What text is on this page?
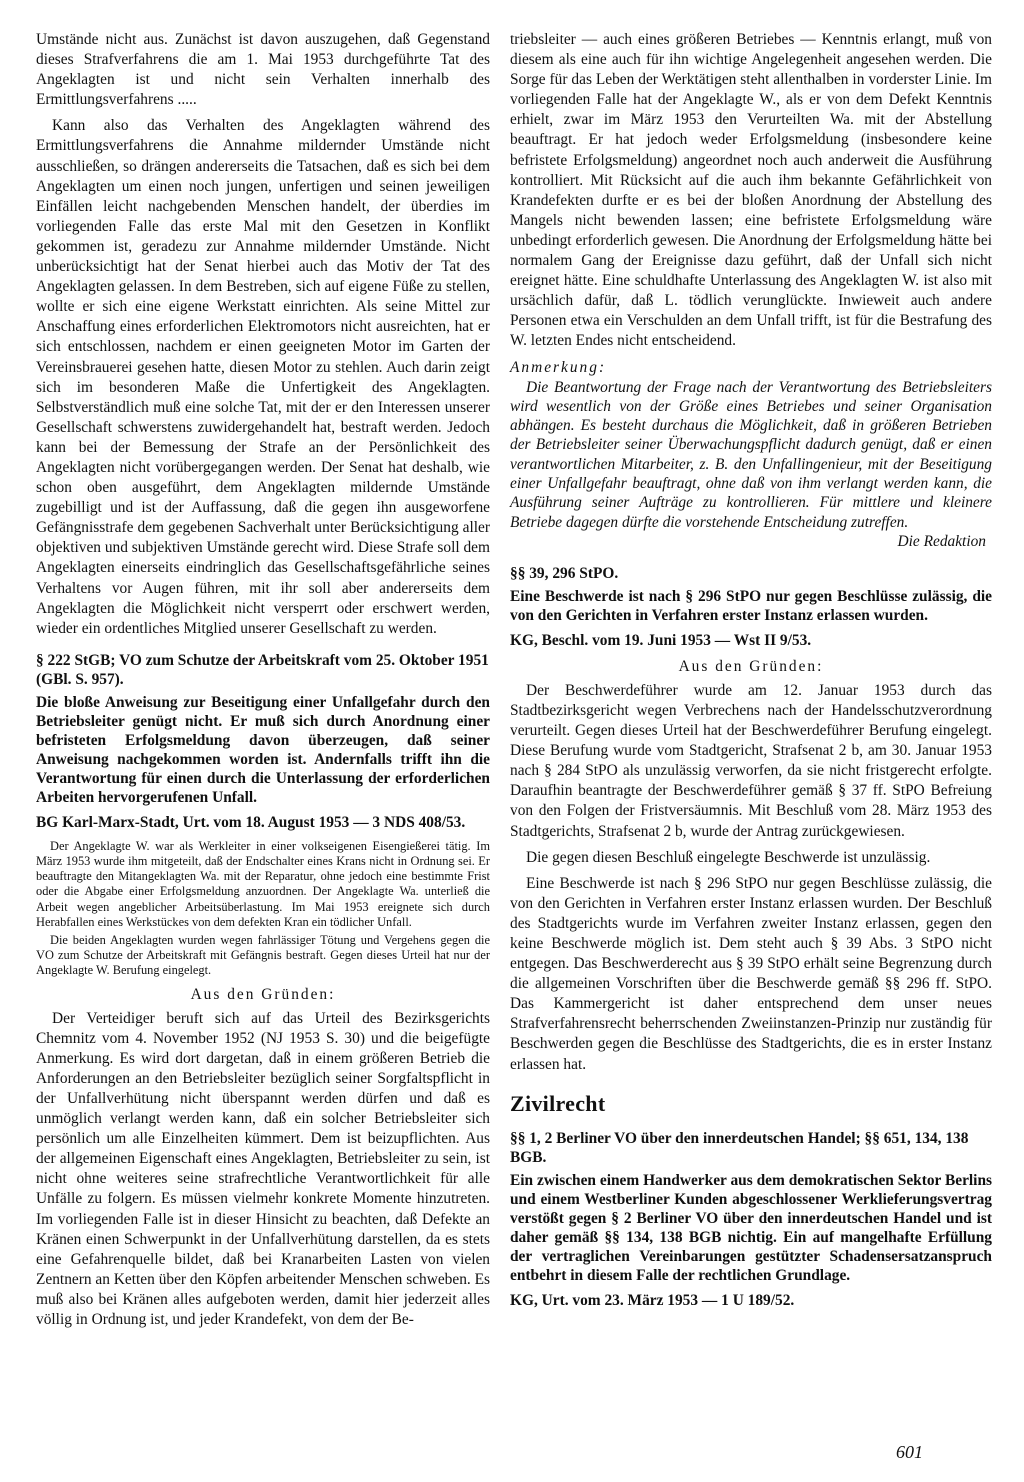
Umstände nicht aus. Zunächst ist davon auszugehen, daß Gegenstand dieses Strafverfahrens die am 1. Mai 1953 durchgeführte Tat des Angeklagten ist und nicht sein Verhalten innerhalb des Ermittlungsverfahrens .....

Kann also das Verhalten des Angeklagten während des Ermittlungsverfahrens die Annahme mildernder Umstände nicht ausschließen, so drängen andererseits die Tatsachen, daß es sich bei dem Angeklagten um einen noch jungen, unfertigen und seinen jeweiligen Einfällen leicht nachgebenden Menschen handelt, der überdies im vorliegenden Falle das erste Mal mit den Gesetzen in Konflikt gekommen ist, geradezu zur Annahme mildernder Umstände. Nicht unberücksichtigt hat der Senat hierbei auch das Motiv der Tat des Angeklagten gelassen. In dem Bestreben, sich auf eigene Füße zu stellen, wollte er sich eine eigene Werkstatt einrichten. Als seine Mittel zur Anschaffung eines erforderlichen Elektromotors nicht ausreichten, hat er sich entschlossen, nachdem er einen geeigneten Motor im Garten der Vereinsbrauerei gesehen hatte, diesen Motor zu stehlen. Auch darin zeigt sich im besonderen Maße die Unfertigkeit des Angeklagten. Selbstverständlich muß eine solche Tat, mit der er den Interessen unserer Gesellschaft schwerstens zuwidergehandelt hat, bestraft werden. Jedoch kann bei der Bemessung der Strafe an der Persönlichkeit des Angeklagten nicht vorübergegangen werden. Der Senat hat deshalb, wie schon oben ausgeführt, dem Angeklagten mildernde Umstände zugebilligt und ist der Auffassung, daß die gegen ihn ausgeworfene Gefängnisstrafe dem gegebenen Sachverhalt unter Berücksichtigung aller objektiven und subjektiven Umstände gerecht wird. Diese Strafe soll dem Angeklagten einerseits eindringlich das Gesellschaftsgefährliche seines Verhaltens vor Augen führen, mit ihr soll aber andererseits dem Angeklagten die Möglichkeit nicht versperrt oder erschwert werden, wieder ein ordentliches Mitglied unserer Gesellschaft zu werden.

§ 222 StGB; VO zum Schutze der Arbeitskraft vom 25. Oktober 1951 (GBl. S. 957).

Die bloße Anweisung zur Beseitigung einer Unfallgefahr durch den Betriebsleiter genügt nicht. Er muß sich durch Anordnung einer befristeten Erfolgsmeldung davon überzeugen, daß seiner Anweisung nachgekommen worden ist. Andernfalls trifft ihn die Verantwortung für einen durch die Unterlassung der erforderlichen Arbeiten hervorgerufenen Unfall.

BG Karl-Marx-Stadt, Urt. vom 18. August 1953 — 3 NDS 408/53.

Der Angeklagte W. war als Werkleiter in einer volkseigenen Eisengießerei tätig. Im März 1953 wurde ihm mitgeteilt, daß der Endschalter eines Krans nicht in Ordnung sei. Er beauftragte den Mitangeklagten Wa. mit der Reparatur, ohne jedoch eine bestimmte Frist oder die Abgabe einer Erfolgsmeldung anzuordnen. Der Angeklagte Wa. unterließ die Arbeit wegen angeblicher Arbeitsüberlastung. Im Mai 1953 ereignete sich durch Herabfallen eines Werkstückes von dem defekten Kran ein tödlicher Unfall.

Die beiden Angeklagten wurden wegen fahrlässiger Tötung und Vergehens gegen die VO zum Schutze der Arbeitskraft mit Gefängnis bestraft. Gegen dieses Urteil hat nur der Angeklagte W. Berufung eingelegt.

Aus den Gründen:

Der Verteidiger beruft sich auf das Urteil des Bezirksgerichts Chemnitz vom 4. November 1952 (NJ 1953 S. 30) und die beigefügte Anmerkung. Es wird dort dargetan, daß in einem größeren Betrieb die Anforderungen an den Betriebsleiter bezüglich seiner Sorgfaltspflicht in der Unfallverhütung nicht überspannt werden dürfen und daß es unmöglich verlangt werden kann, daß ein solcher Betriebsleiter sich persönlich um alle Einzelheiten kümmert. Dem ist beizupflichten. Aus der allgemeinen Eigenschaft eines Angeklagten, Betriebsleiter zu sein, ist nicht ohne weiteres seine strafrechtliche Verantwortlichkeit für alle Unfälle zu folgern. Es müssen vielmehr konkrete Momente hinzutreten. Im vorliegenden Falle ist in dieser Hinsicht zu beachten, daß Defekte an Kränen einen Schwerpunkt in der Unfallverhütung darstellen, da es stets eine Gefahrenquelle bildet, daß bei Kranarbeiten Lasten von vielen Zentnern an Ketten über den Köpfen arbeitender Menschen schweben. Es muß also bei Kränen alles aufgeboten werden, damit hier jederzeit alles völlig in Ordnung ist, und jeder Krandefekt, von dem der Be-

triebsleiter — auch eines größeren Betriebes — Kenntnis erlangt, muß von diesem als eine auch für ihn wichtige Angelegenheit angesehen werden. Die Sorge für das Leben der Werktätigen steht allenthalben in vorderster Linie. Im vorliegenden Falle hat der Angeklagte W., als er von dem Defekt Kenntnis erhielt, zwar im März 1953 den Verurteilten Wa. mit der Abstellung beauftragt. Er hat jedoch weder Erfolgsmeldung (insbesondere keine befristete Erfolgsmeldung) angeordnet noch auch anderweit die Ausführung kontrolliert. Mit Rücksicht auf die auch ihm bekannte Gefährlichkeit von Krandefekten durfte er es bei der bloßen Anordnung der Abstellung des Mangels nicht bewenden lassen; eine befristete Erfolgsmeldung wäre unbedingt erforderlich gewesen. Die Anordnung der Erfolgsmeldung hätte bei normalem Gang der Ereignisse dazu geführt, daß der Unfall sich nicht ereignet hätte. Eine schuldhafte Unterlassung des Angeklagten W. ist also mit ursächlich dafür, daß L. tödlich verunglückte. Inwieweit auch andere Personen etwa ein Verschulden an dem Unfall trifft, ist für die Bestrafung des W. letzten Endes nicht entscheidend.

Anmerkung:

Die Beantwortung der Frage nach der Verantwortung des Betriebsleiters wird wesentlich von der Größe eines Betriebes und seiner Organisation abhängen. Es besteht durchaus die Möglichkeit, daß in größeren Betrieben der Betriebsleiter seiner Überwachungspflicht dadurch genügt, daß er einen verantwortlichen Mitarbeiter, z. B. den Unfallingenieur, mit der Beseitigung einer Unfallgefahr beauftragt, ohne daß von ihm verlangt werden kann, die Ausführung seiner Aufträge zu kontrollieren. Für mittlere und kleinere Betriebe dagegen dürfte die vorstehende Entscheidung zutreffen.

Die Redaktion

§§ 39, 296 StPO.

Eine Beschwerde ist nach § 296 StPO nur gegen Beschlüsse zulässig, die von den Gerichten in Verfahren erster Instanz erlassen wurden.

KG, Beschl. vom 19. Juni 1953 — Wst II 9/53.

Aus den Gründen:

Der Beschwerdeführer wurde am 12. Januar 1953 durch das Stadtbezirksgericht wegen Verbrechens nach der Handelsschutzverordnung verurteilt. Gegen dieses Urteil hat der Beschwerdeführer Berufung eingelegt. Diese Berufung wurde vom Stadtgericht, Strafsenat 2 b, am 30. Januar 1953 nach § 284 StPO als unzulässig verworfen, da sie nicht fristgerecht erfolgte. Daraufhin beantragte der Beschwerdeführer gemäß § 37 ff. StPO Befreiung von den Folgen der Fristversäumnis. Mit Beschluß vom 28. März 1953 des Stadtgerichts, Strafsenat 2 b, wurde der Antrag zurückgewiesen.

Die gegen diesen Beschluß eingelegte Beschwerde ist unzulässig.

Eine Beschwerde ist nach § 296 StPO nur gegen Beschlüsse zulässig, die von den Gerichten in Verfahren erster Instanz erlassen wurden. Der Beschluß des Stadtgerichts wurde im Verfahren zweiter Instanz erlassen, gegen den keine Beschwerde möglich ist. Dem steht auch § 39 Abs. 3 StPO nicht entgegen. Das Beschwerderecht aus § 39 StPO erhält seine Begrenzung durch die allgemeinen Vorschriften über die Beschwerde gemäß §§ 296 ff. StPO. Das Kammergericht ist daher entsprechend dem unser neues Strafverfahrensrecht beherrschenden Zweiinstanzen-Prinzip nur zuständig für Beschwerden gegen die Beschlüsse des Stadtgerichts, die es in erster Instanz erlassen hat.

Zivilrecht

§§ 1, 2 Berliner VO über den innerdeutschen Handel; §§ 651, 134, 138 BGB.

Ein zwischen einem Handwerker aus dem demokratischen Sektor Berlins und einem Westberliner Kunden abgeschlossener Werklieferungsvertrag verstößt gegen § 2 Berliner VO über den innerdeutschen Handel und ist daher gemäß §§ 134, 138 BGB nichtig. Ein auf mangelhafte Erfüllung der vertraglichen Vereinbarungen gestützter Schadensersatzanspruch entbehrt in diesem Falle der rechtlichen Grundlage.

KG, Urt. vom 23. März 1953 — 1 U 189/52.

601
